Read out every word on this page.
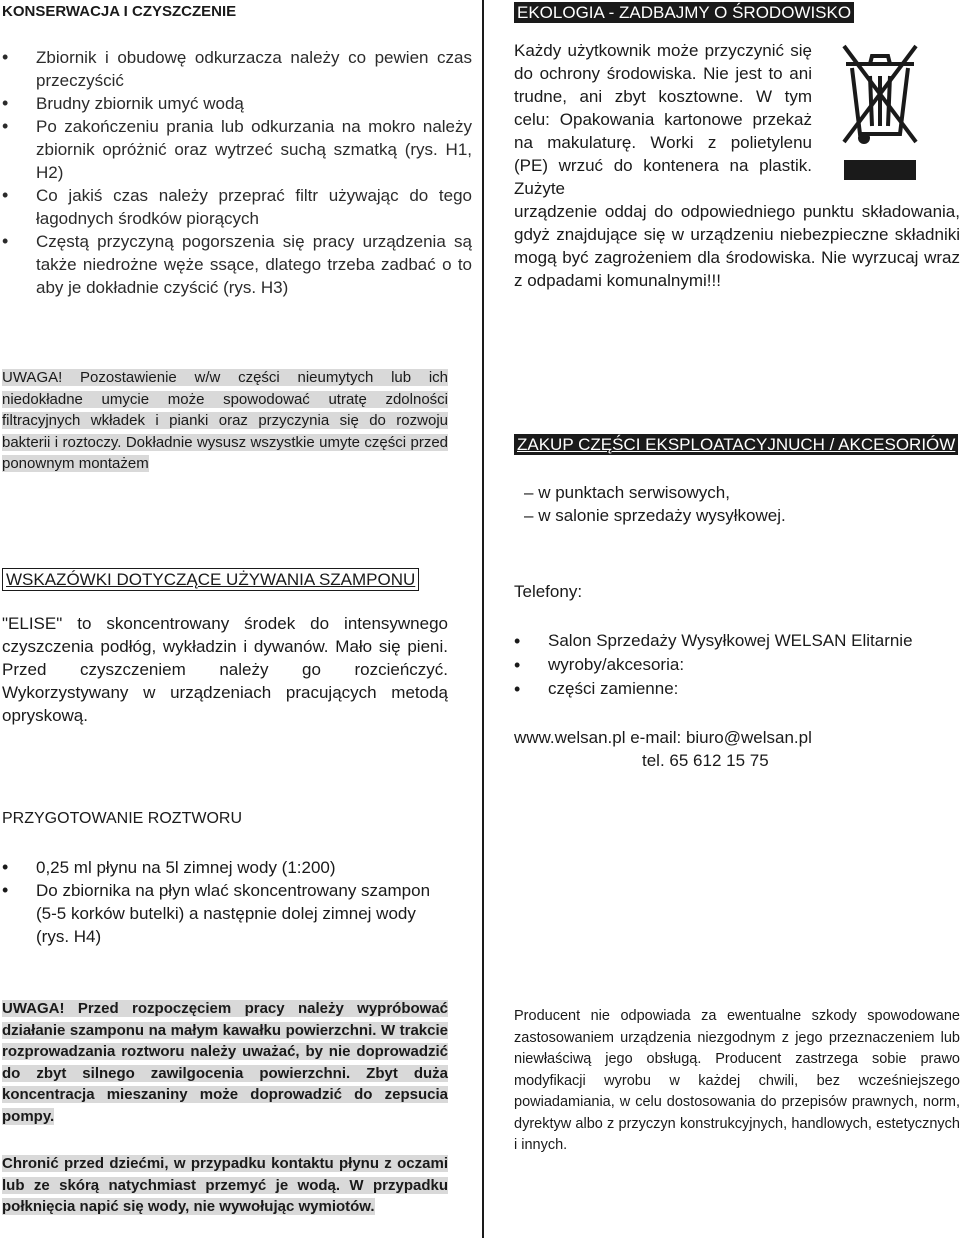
KONSERWACJA I CZYSZCZENIE
• Zbiornik i obudowę odkurzacza należy co pewien czas przeczyścić
• Brudny zbiornik umyć wodą
• Po zakończeniu prania lub odkurzania na mokro należy zbiornik opróżnić oraz wytrzeć suchą szmatką (rys. H1, H2)
• Co jakiś czas należy przeprać filtr używając do tego łagodnych środków piorących
• Częstą przyczyną pogorszenia się pracy urządzenia są także niedrożne węże ssące, dlatego trzeba zadbać o to aby je dokładnie czyścić (rys. H3)
UWAGA! Pozostawienie w/w części nieumytych lub ich niedokładne umycie może spowodować utratę zdolności filtracyjnych wkładek i pianki oraz przyczynia się do rozwoju bakterii i roztoczy. Dokładnie wysusz wszystkie umyte części przed ponownym montażem
WSKAZÓWKI DOTYCZĄCE UŻYWANIA SZAMPONU
"ELISE" to skoncentrowany środek do intensywnego czyszczenia podłóg, wykładzin i dywanów. Mało się pieni. Przed czyszczeniem należy go rozcieńczyć. Wykorzystywany w urządzeniach pracujących metodą opryskową.
PRZYGOTOWANIE ROZTWORU
• 0,25 ml płynu na 5l zimnej wody (1:200)
• Do zbiornika na płyn wlać skoncentrowany szampon (5-5 korków butelki) a następnie dolej zimnej wody (rys. H4)
UWAGA! Przed rozpoczęciem pracy należy wypróbować działanie szamponu na małym kawałku powierzchni. W trakcie rozprowadzania roztworu należy uważać, by nie doprowadzić do zbyt silnego zawilgocenia powierzchni. Zbyt duża koncentracja mieszaniny może doprowadzić do zepsucia pompy.
Chronić przed dziećmi, w przypadku kontaktu płynu z oczami lub ze skórą natychmiast przemyć je wodą. W przypadku połknięcia napić się wody, nie wywołując wymiotów.
EKOLOGIA - ZADBAJMY O ŚRODOWISKO
Każdy użytkownik może przyczynić się do ochrony środowiska. Nie jest to ani trudne, ani zbyt kosztowne. W tym celu: Opakowania kartonowe przekaż na makulaturę. Worki z polietylenu (PE) wrzuć do kontenera na plastik. Zużyte
urządzenie oddaj do odpowiedniego punktu składowania, gdyż znajdujące się w urządzeniu niebezpieczne składniki mogą być zagrożeniem dla środowiska. Nie wyrzucaj wraz z odpadami komunalnymi!!!
ZAKUP CZĘŚCI EKSPLOATACYJNUCH / AKCESORIÓW
– w punktach serwisowych,
– w salonie sprzedaży wysyłkowej.
Telefony:
• Salon Sprzedaży Wysyłkowej WELSAN Elitarnie
• wyroby/akcesoria:
• części zamienne:
www.welsan.pl e-mail: biuro@welsan.pl
tel. 65 612 15 75
Producent nie odpowiada za ewentualne szkody spowodowane zastosowaniem urządzenia niezgodnym z jego przeznaczeniem lub niewłaściwą jego obsługą. Producent zastrzega sobie prawo modyfikacji wyrobu w każdej chwili, bez wcześniejszego powiadamiania, w celu dostosowania do przepisów prawnych, norm, dyrektyw albo z przyczyn konstrukcyjnych, handlowych, estetycznych i innych.
